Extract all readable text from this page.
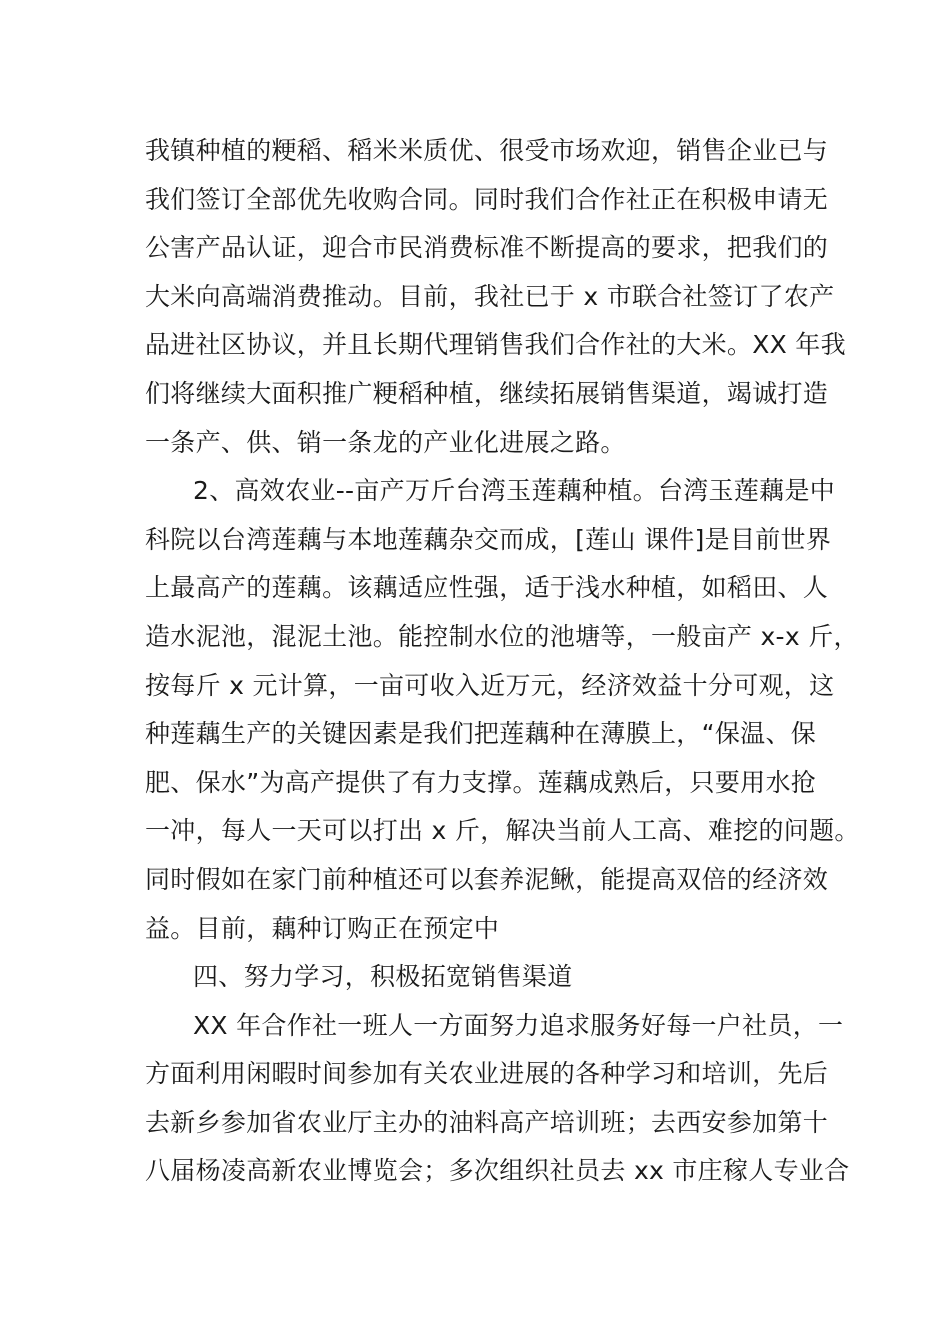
我镇种植的粳稻、稻米米质优、很受市场欢迎，销售企业已与
我们签订全部优先收购合同。同时我们合作社正在积极申请无
公害产品认证，迎合市民消费标准不断提高的要求，把我们的
大米向高端消费推动。目前，我社已于 x 市联合社签订了农产
品进社区协议，并且长期代理销售我们合作社的大米。XX 年我
们将继续大面积推广粳稻种植，继续拓展销售渠道，竭诚打造
一条产、供、销一条龙的产业化进展之路。
2、高效农业--亩产万斤台湾玉莲藕种植。台湾玉莲藕是中
科院以台湾莲藕与本地莲藕杂交而成，[莲山 课件]是目前世界
上最高产的莲藕。该藕适应性强，适于浅水种植，如稻田、人
造水泥池，混泥土池。能控制水位的池塘等，一般亩产 x-x 斤，
按每斤 x 元计算，一亩可收入近万元，经济效益十分可观，这
种莲藕生产的关键因素是我们把莲藕种在薄膜上，“保温、保
肥、保水”为高产提供了有力支撑。莲藕成熟后，只要用水抢
一冲，每人一天可以打出 x 斤，解决当前人工高、难挖的问题。
同时假如在家门前种植还可以套养泥鳅，能提高双倍的经济效
益。目前，藕种订购正在预定中
四、努力学习，积极拓宽销售渠道
XX 年合作社一班人一方面努力追求服务好每一户社员，一
方面利用闲暇时间参加有关农业进展的各种学习和培训，先后
去新乡参加省农业厅主办的油料高产培训班；去西安参加第十
八届杨凌高新农业博览会；多次组织社员去 xx 市庄稼人专业合
